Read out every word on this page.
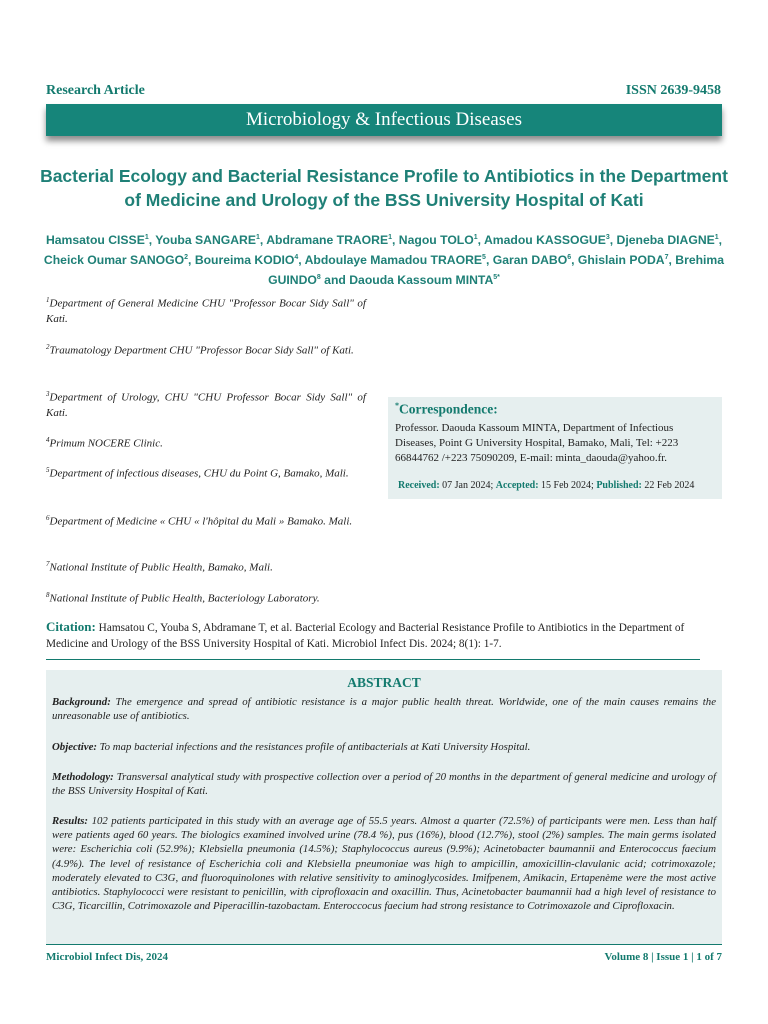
Research Article	ISSN 2639-9458
Microbiology & Infectious Diseases
Bacterial Ecology and Bacterial Resistance Profile to Antibiotics in the Department of Medicine and Urology of the BSS University Hospital of Kati
Hamsatou CISSE$^1$, Youba SANGARE$^1$, Abdramane TRAORE$^1$, Nagou TOLO$^1$, Amadou KASSOGUE$^3$, Djeneba DIAGNE$^1$, Cheick Oumar SANOGO$^2$, Boureima KODIO$^4$, Abdoulaye Mamadou TRAORE$^5$, Garan DABO$^6$, Ghislain PODA$^7$, Brehima GUINDO$^8$ and Daouda Kassoum $MINTA^{5*}$
$^1$Department of General Medicine CHU "Professor Bocar Sidy Sall" of Kati.
$^2$Traumatology Department CHU "Professor Bocar Sidy Sall" of Kati.
$^3$Department of Urology, CHU "CHU Professor Bocar Sidy Sall" of Kati.
$^4$Primum NOCERE Clinic.
$^5$Department of infectious diseases, CHU du Point G, Bamako, Mali.
$^6$Department of Medicine « CHU « l'hôpital du Mali » Bamako. Mali.
$^7$National Institute of Public Health, Bamako, Mali.
$^8$National Institute of Public Health, Bacteriology Laboratory.
*Correspondence:
Professor. Daouda Kassoum MINTA, Department of Infectious Diseases, Point G University Hospital, Bamako, Mali, Tel: +223 66844762 /+223 75090209, E-mail: minta_daouda@yahoo.fr.
Received: 07 Jan 2024; Accepted: 15 Feb 2024; Published: 22 Feb 2024
Citation: Hamsatou C, Youba S, Abdramane T, et al. Bacterial Ecology and Bacterial Resistance Profile to Antibiotics in the Department of Medicine and Urology of the BSS University Hospital of Kati. Microbiol Infect Dis. 2024; 8(1): 1-7.
ABSTRACT
Background: The emergence and spread of antibiotic resistance is a major public health threat. Worldwide, one of the main causes remains the unreasonable use of antibiotics.
Objective: To map bacterial infections and the resistances profile of antibacterials at Kati University Hospital.
Methodology: Transversal analytical study with prospective collection over a period of 20 months in the department of general medicine and urology of the BSS University Hospital of Kati.
Results: 102 patients participated in this study with an average age of 55.5 years. Almost a quarter (72.5%) of participants were men. Less than half were patients aged 60 years. The biologics examined involved urine (78.4 %), pus (16%), blood (12.7%), stool (2%) samples. The main germs isolated were: Escherichia coli (52.9%); Klebsiella pneumonia (14.5%); Staphylococcus aureus (9.9%); Acinetobacter baumannii and Enterococcus faecium (4.9%). The level of resistance of Escherichia coli and Klebsiella pneumoniae was high to ampicillin, amoxicillin-clavulanic acid; cotrimoxazole; moderately elevated to C3G, and fluoroquinolones with relative sensitivity to aminoglycosides. Imifpenem, Amikacin, Ertapenème were the most active antibiotics. Staphylococci were resistant to penicillin, with ciprofloxacin and oxacillin. Thus, Acinetobacter baumannii had a high level of resistance to C3G, Ticarcillin, Cotrimoxazole and Piperacillin-tazobactam. Enteroccocus faecium had strong resistance to Cotrimoxazole and Ciprofloxacin.
Microbiol Infect Dis, 2024	Volume 8 | Issue 1 | 1 of 7
